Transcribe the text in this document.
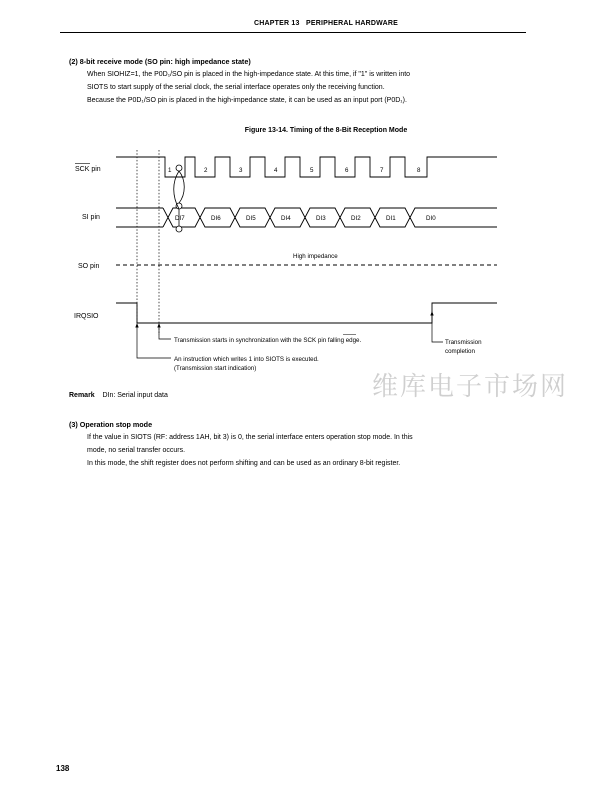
CHAPTER 13 PERIPHERAL HARDWARE
(2) 8-bit receive mode (SO pin: high impedance state)
When SIOHIZ=1, the P0D₁/SO pin is placed in the high-impedance state. At this time, if "1" is written into
SIOTS to start supply of the serial clock, the serial interface operates only the receiving function.
Because the P0D₁/SO pin is placed in the high-impedance state, it can be used as an input port (P0D₁).
Figure 13-14. Timing of the 8-Bit Reception Mode
SCK pin
SI pin
SO pin
IRQSIO
1	2	3	4	5	6	7	8
DI7	DI6	DI5	DI4	DI3	DI2	DI1	DI0
High impedance
Transmission starts in synchronization with the SCK pin falling edge.
An instruction which writes 1 into SIOTS is executed.
(Transmission start indication)
Transmission
completion
维库电子市场网
Remark DIn: Serial input data
(3) Operation stop mode
If the value in SIOTS (RF: address 1AH, bit 3) is 0, the serial interface enters operation stop mode. In this
mode, no serial transfer occurs.
In this mode, the shift register does not perform shifting and can be used as an ordinary 8-bit register.
138
